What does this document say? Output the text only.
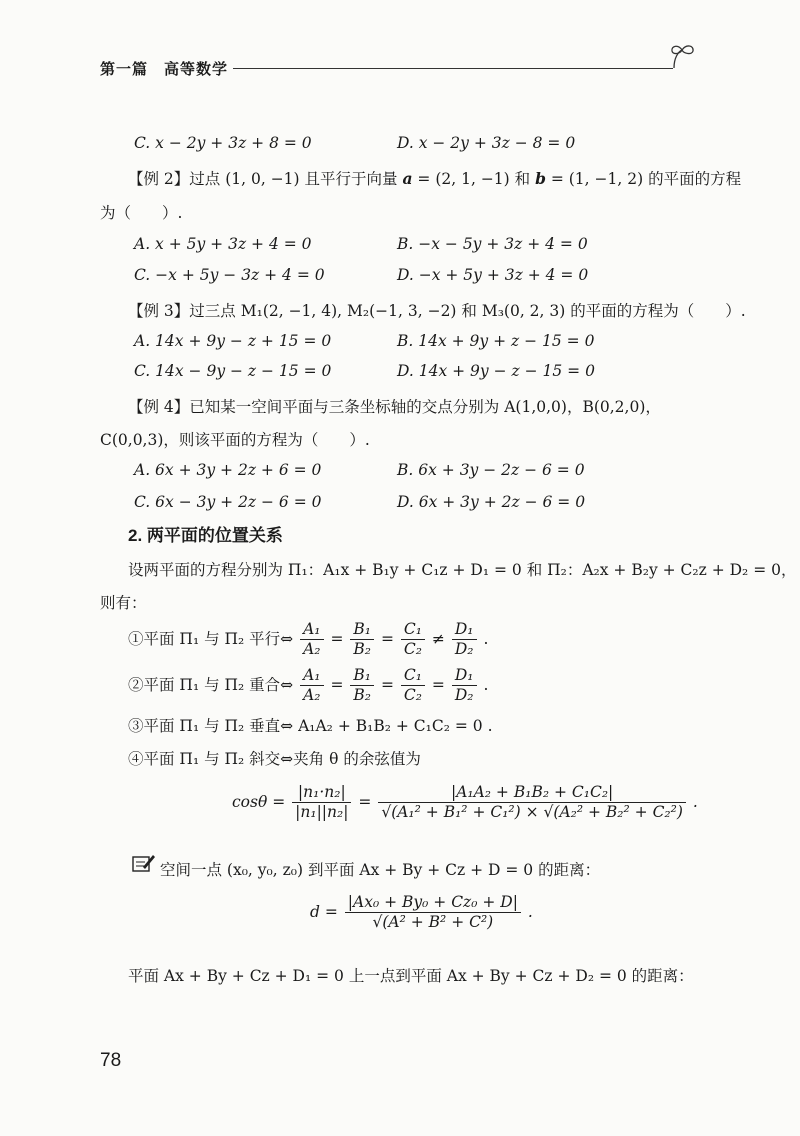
第一篇　高等数学
C. x − 2y + 3z + 8 = 0	D. x − 2y + 3z − 8 = 0
【例 2】过点 (1, 0, −1) 且平行于向量 a = (2, 1, −1) 和 b = (1, −1, 2) 的平面的方程
为（　　）.
A. x + 5y + 3z + 4 = 0	B. −x − 5y + 3z + 4 = 0
C. −x + 5y − 3z + 4 = 0	D. −x + 5y + 3z + 4 = 0
【例 3】过三点 M₁(2, −1, 4), M₂(−1, 3, −2) 和 M₃(0, 2, 3) 的平面的方程为（　　）.
A. 14x + 9y − z + 15 = 0	B. 14x + 9y + z − 15 = 0
C. 14x − 9y − z − 15 = 0	D. 14x + 9y − z − 15 = 0
【例 4】已知某一空间平面与三条坐标轴的交点分别为 A(1,0,0)，B(0,2,0)，
C(0,0,3)，则该平面的方程为（　　）.
A. 6x + 3y + 2z + 6 = 0	B. 6x + 3y − 2z − 6 = 0
C. 6x − 3y + 2z − 6 = 0	D. 6x + 3y + 2z − 6 = 0
2. 两平面的位置关系
设两平面的方程分别为 Π₁：A₁x + B₁y + C₁z + D₁ = 0 和 Π₂：A₂x + B₂y + C₂z + D₂ = 0，
则有：
①平面 Π₁ 与 Π₂ 平行⇔ $\frac{\text{A₁}}{\text{A₂}} = \frac{\text{B₁}}{\text{B₂}} = \frac{\text{C₁}}{\text{C₂}} \ne \frac{\text{D₁}}{\text{D₂}}$ .
②平面 Π₁ 与 Π₂ 重合⇔ $\frac{\text{A₁}}{\text{A₂}} = \frac{\text{B₁}}{\text{B₂}} = \frac{\text{C₁}}{\text{C₂}} = \frac{\text{D₁}}{\text{D₂}}$ .
③平面 Π₁ 与 Π₂ 垂直⇔ A₁A₂ + B₁B₂ + C₁C₂ = 0 .
④平面 Π₁ 与 Π₂ 斜交⇔夹角 θ 的余弦值为
$\cos\theta = \frac{\text{|n₁·n₂|}}{\text{|n₁||n₂|}} = \frac{\text{|A₁A₂ + B₁B₂ + C₁C₂|}}{\text{√(A₁² + B₁² + C₁²) × √(A₂² + B₂² + C₂²)}}$ .
空间一点 (x₀, y₀, z₀) 到平面 Ax + By + Cz + D = 0 的距离：
$d = \frac{\text{|Ax₀ + By₀ + Cz₀ + D|}}{\text{√(A² + B² + C²)}}$ .
平面 Ax + By + Cz + D₁ = 0 上一点到平面 Ax + By + Cz + D₂ = 0 的距离：
78
